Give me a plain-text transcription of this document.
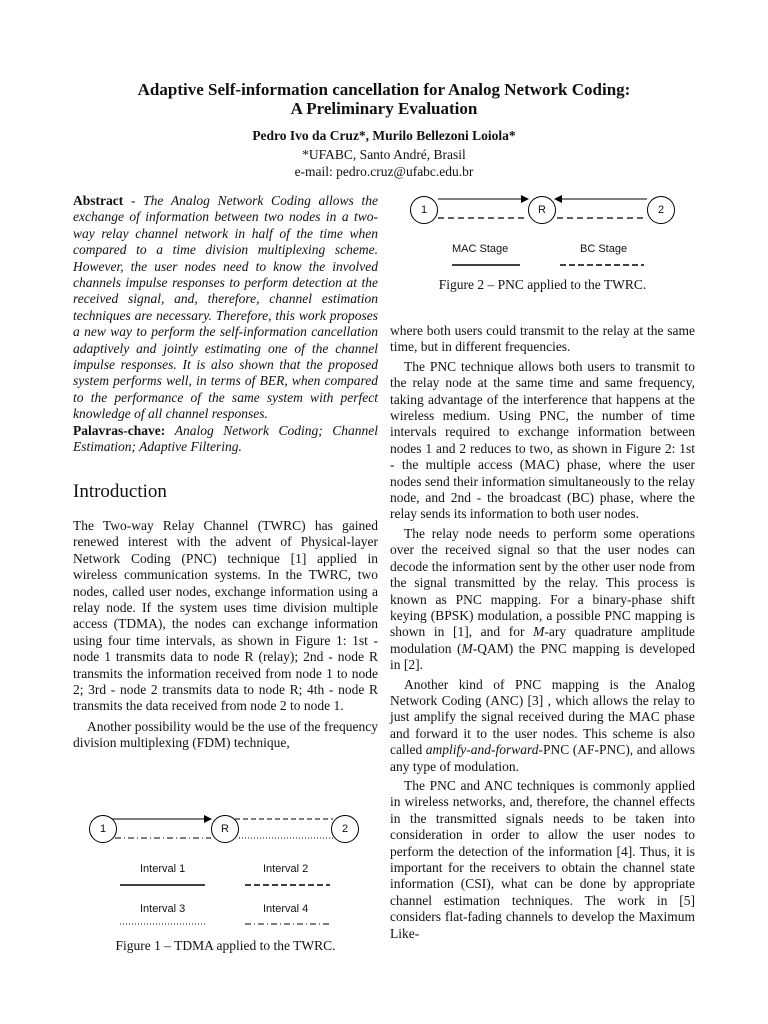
Adaptive Self-information cancellation for Analog Network Coding:
A Preliminary Evaluation
Pedro Ivo da Cruz*, Murilo Bellezoni Loiola*
*UFABC, Santo André, Brasil
e-mail: pedro.cruz@ufabc.edu.br

Abstract - The Analog Network Coding allows the exchange of information between two nodes in a two-way relay channel network in half of the time when compared to a time division multiplexing scheme. However, the user nodes need to know the involved channels impulse responses to perform detection at the received signal, and, therefore, channel estimation techniques are necessary. Therefore, this work proposes a new way to perform the self-information cancellation adaptively and jointly estimating one of the channel impulse responses. It is also shown that the proposed system performs well, in terms of BER, when compared to the performance of the same system with perfect knowledge of all channel responses.

Palavras-chave: Analog Network Coding; Channel Estimation; Adaptive Filtering.

Introduction

The Two-way Relay Channel (TWRC) has gained renewed interest with the advent of Physical-layer Network Coding (PNC) technique [1] applied in wireless communication systems. In the TWRC, two nodes, called user nodes, exchange information using a relay node. If the system uses time division multiple access (TDMA), the nodes can exchange information using four time intervals, as shown in Figure 1: 1st - node 1 transmits data to node R (relay); 2nd - node R transmits the information received from node 1 to node 2; 3rd - node 2 transmits data to node R; 4th - node R transmits the data received from node 2 to node 1.

Another possibility would be the use of the frequency division multiplexing (FDM) technique,

1	R	2
Interval 1	Interval 2
Interval 3	Interval 4
Figure 1 – TDMA applied to the TWRC.
1	R	2
MAC Stage	BC Stage
Figure 2 – PNC applied to the TWRC.

where both users could transmit to the relay at the same time, but in different frequencies.

The PNC technique allows both users to transmit to the relay node at the same time and same frequency, taking advantage of the interference that happens at the wireless medium. Using PNC, the number of time intervals required to exchange information between nodes 1 and 2 reduces to two, as shown in Figure 2: 1st - the multiple access (MAC) phase, where the user nodes send their information simultaneously to the relay node, and 2nd - the broadcast (BC) phase, where the relay sends its information to both user nodes.

The relay node needs to perform some operations over the received signal so that the user nodes can decode the information sent by the other user node from the signal transmitted by the relay. This process is known as PNC mapping. For a binary-phase shift keying (BPSK) modulation, a possible PNC mapping is shown in [1], and for M-ary quadrature amplitude modulation (M-QAM) the PNC mapping is developed in [2].

Another kind of PNC mapping is the Analog Network Coding (ANC) [3] , which allows the relay to just amplify the signal received during the MAC phase and forward it to the user nodes. This scheme is also called amplify-and-forward-PNC (AF-PNC), and allows any type of modulation.

The PNC and ANC techniques is commonly applied in wireless networks, and, therefore, the channel effects in the transmitted signals needs to be taken into consideration in order to allow the user nodes to perform the detection of the information [4]. Thus, it is important for the receivers to obtain the channel state information (CSI), what can be done by appropriate channel estimation techniques. The work in [5] considers flat-fading channels to develop the Maximum Like-
